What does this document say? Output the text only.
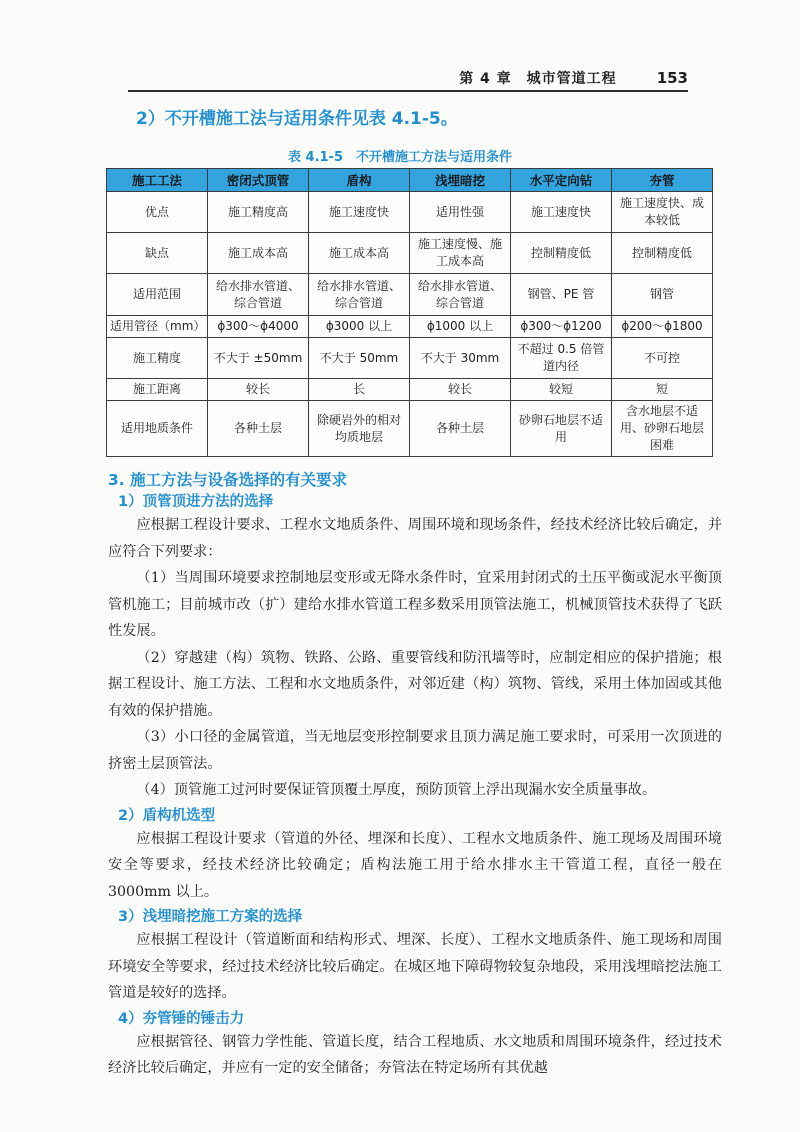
第 4 章　城市管道工程	153
2）不开槽施工法与适用条件见表 4.1-5。
表 4.1-5　不开槽施工方法与适用条件
施工工法	密闭式顶管	盾构	浅埋暗挖	水平定向钻	夯管
优点	施工精度高	施工速度快	适用性强	施工速度快	施工速度快、成本较低
缺点	施工成本高	施工成本高	施工速度慢、施工成本高	控制精度低	控制精度低
适用范围	给水排水管道、综合管道	给水排水管道、综合管道	给水排水管道、综合管道	钢管、PE 管	钢管
适用管径（mm）	ϕ300～ϕ4000	ϕ3000 以上	ϕ1000 以上	ϕ300～ϕ1200	ϕ200～ϕ1800
施工精度	不大于 ±50mm	不大于 50mm	不大于 30mm	不超过 0.5 倍管道内径	不可控
施工距离	较长	长	较长	较短	短
适用地质条件	各种土层	除硬岩外的相对均质地层	各种土层	砂卵石地层不适用	含水地层不适用、砂卵石地层困难
3. 施工方法与设备选择的有关要求
1）顶管顶进方法的选择

应根据工程设计要求、工程水文地质条件、周围环境和现场条件，经技术经济比较后确定，并应符合下列要求：

（1）当周围环境要求控制地层变形或无降水条件时，宜采用封闭式的土压平衡或泥水平衡顶管机施工；目前城市改（扩）建给水排水管道工程多数采用顶管法施工，机械顶管技术获得了飞跃性发展。

（2）穿越建（构）筑物、铁路、公路、重要管线和防汛墙等时，应制定相应的保护措施；根据工程设计、施工方法、工程和水文地质条件，对邻近建（构）筑物、管线，采用土体加固或其他有效的保护措施。

（3）小口径的金属管道，当无地层变形控制要求且顶力满足施工要求时，可采用一次顶进的挤密土层顶管法。

（4）顶管施工过河时要保证管顶覆土厚度，预防顶管上浮出现漏水安全质量事故。

2）盾构机选型

应根据工程设计要求（管道的外径、埋深和长度）、工程水文地质条件、施工现场及周围环境安全等要求，经技术经济比较确定；盾构法施工用于给水排水主干管道工程，直径一般在 3000mm 以上。

3）浅埋暗挖施工方案的选择

应根据工程设计（管道断面和结构形式、埋深、长度）、工程水文地质条件、施工现场和周围环境安全等要求，经过技术经济比较后确定。在城区地下障碍物较复杂地段，采用浅埋暗挖法施工管道是较好的选择。

4）夯管锤的锤击力

应根据管径、钢管力学性能、管道长度，结合工程地质、水文地质和周围环境条件，经过技术经济比较后确定，并应有一定的安全储备；夯管法在特定场所有其优越
